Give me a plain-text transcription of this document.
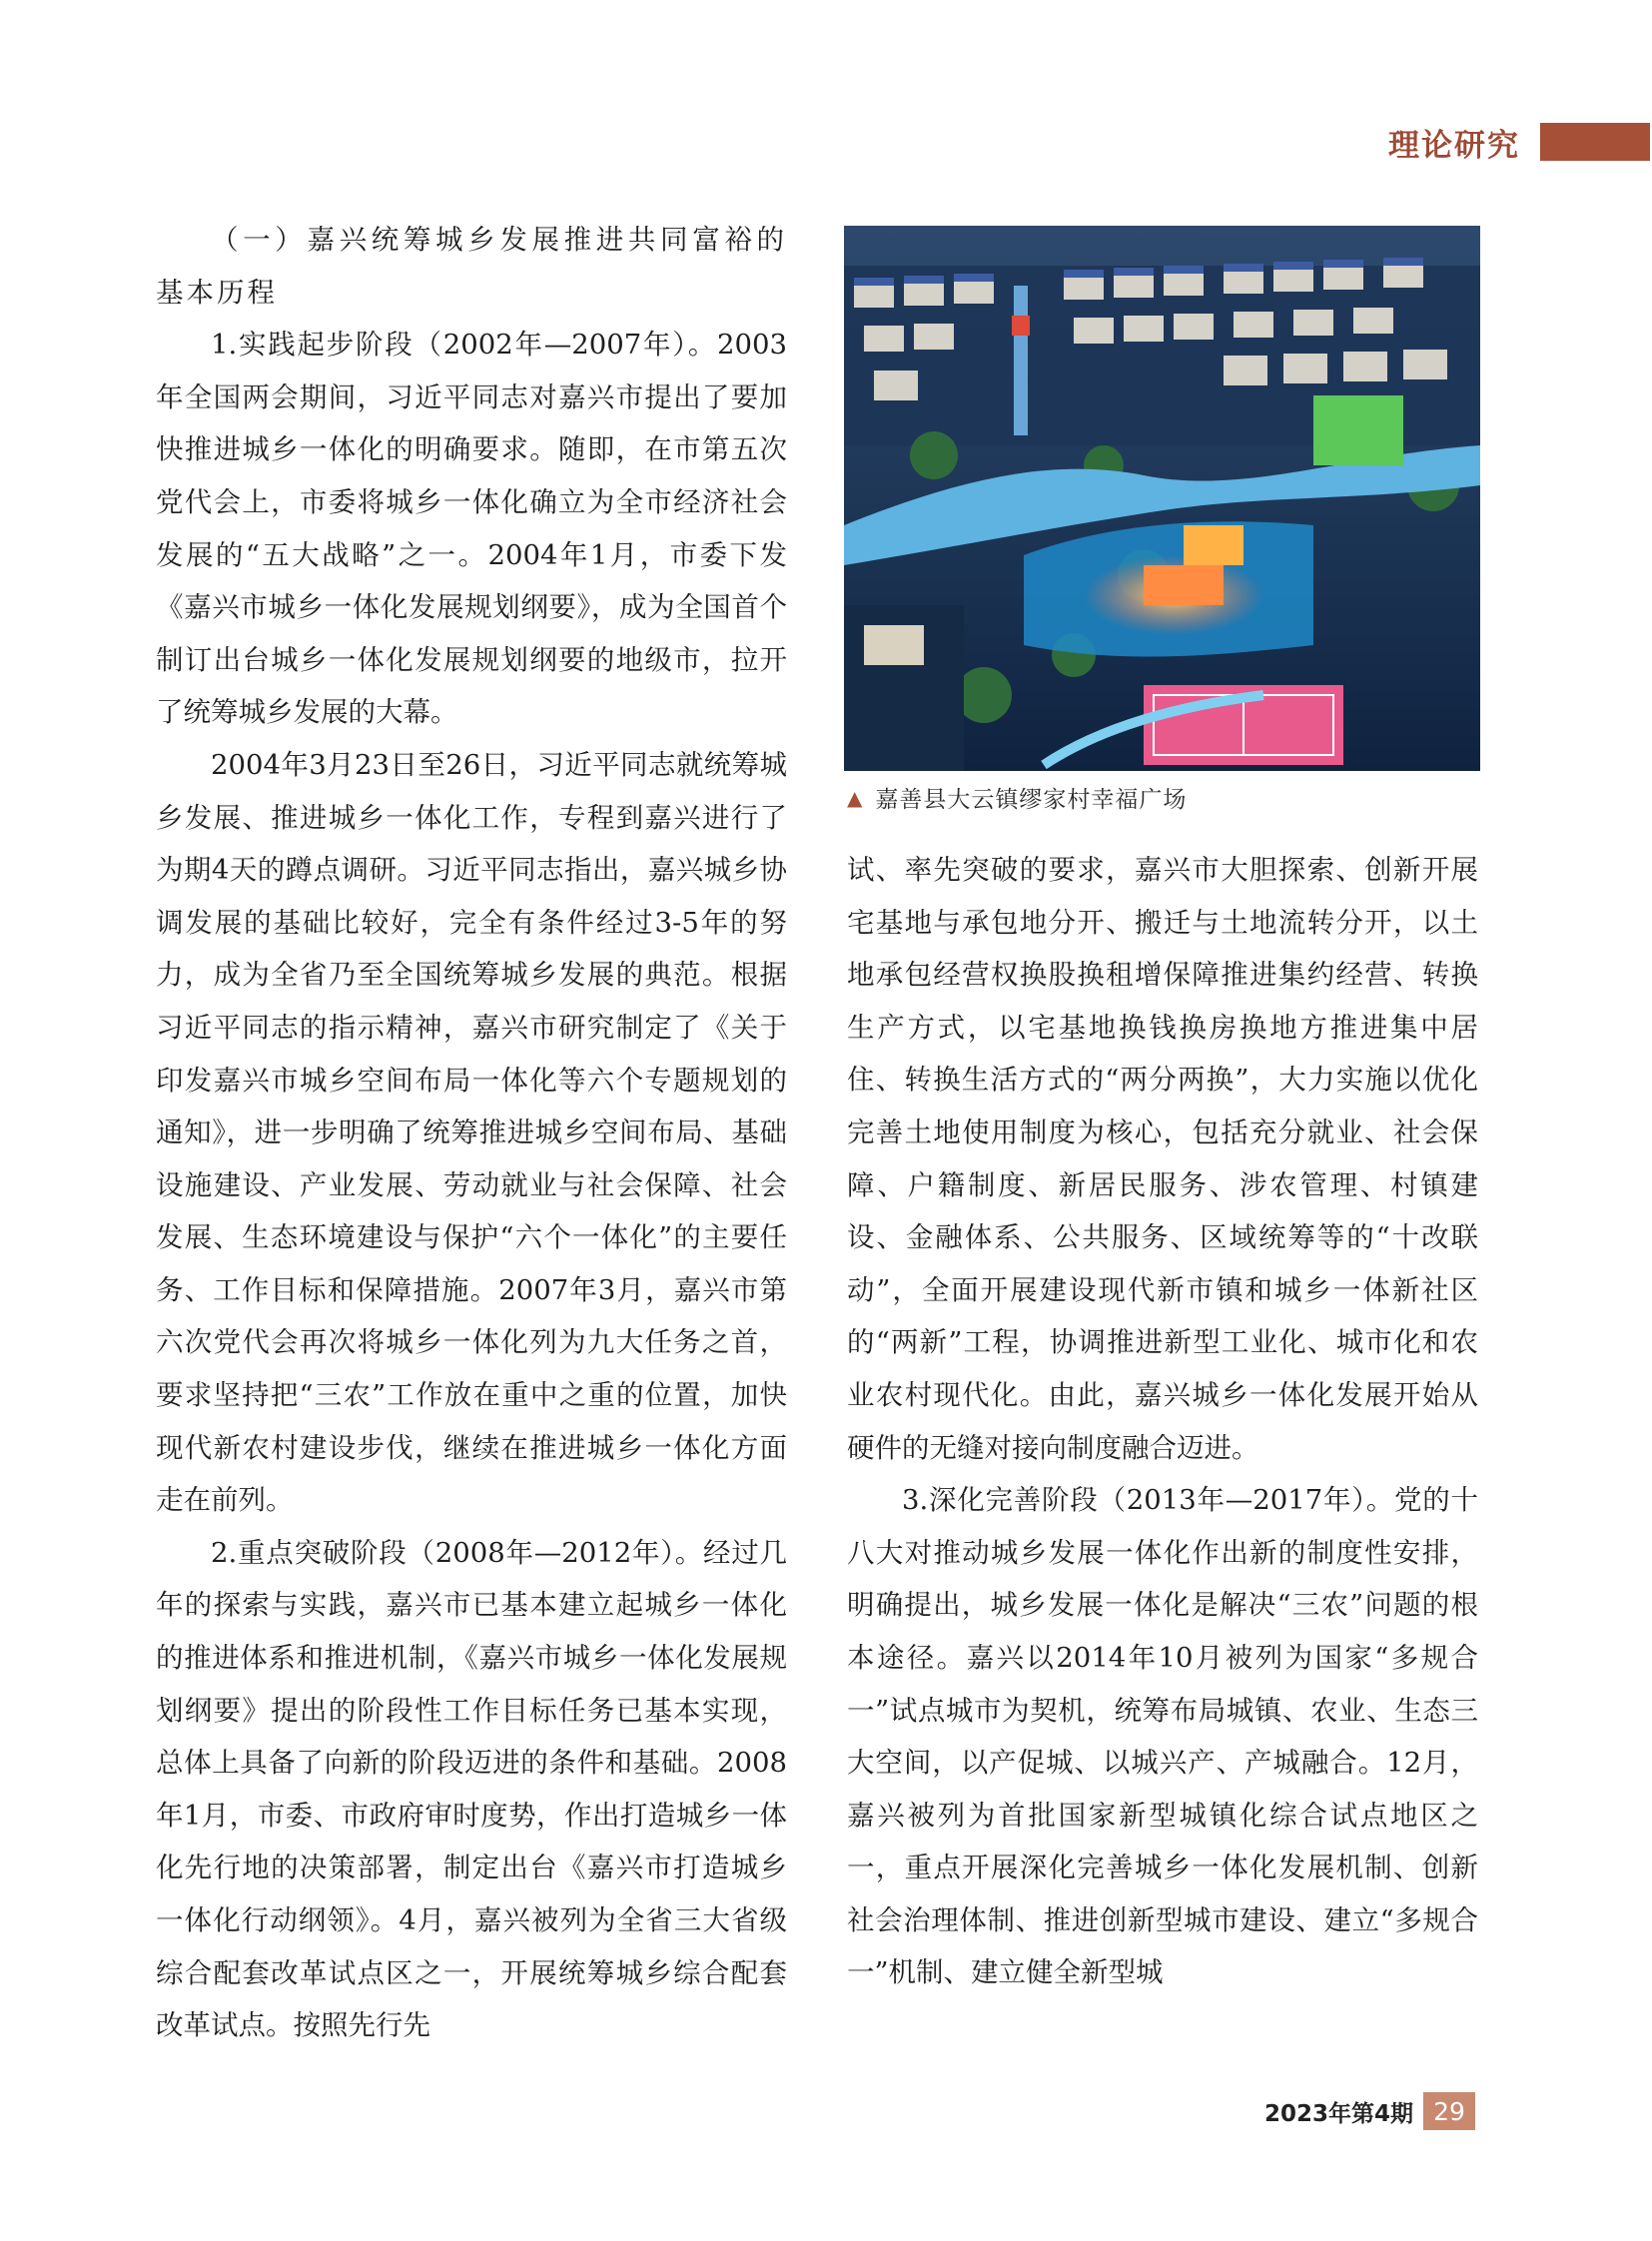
理论研究

（一）嘉兴统筹城乡发展推进共同富裕的基本历程

1.实践起步阶段（2002年—2007年）。2003年全国两会期间，习近平同志对嘉兴市提出了要加快推进城乡一体化的明确要求。随即，在市第五次党代会上，市委将城乡一体化确立为全市经济社会发展的“五大战略”之一。2004年1月，市委下发《嘉兴市城乡一体化发展规划纲要》，成为全国首个制订出台城乡一体化发展规划纲要的地级市，拉开了统筹城乡发展的大幕。

2004年3月23日至26日，习近平同志就统筹城乡发展、推进城乡一体化工作，专程到嘉兴进行了为期4天的蹲点调研。习近平同志指出，嘉兴城乡协调发展的基础比较好，完全有条件经过3-5年的努力，成为全省乃至全国统筹城乡发展的典范。根据习近平同志的指示精神，嘉兴市研究制定了《关于印发嘉兴市城乡空间布局一体化等六个专题规划的通知》，进一步明确了统筹推进城乡空间布局、基础设施建设、产业发展、劳动就业与社会保障、社会发展、生态环境建设与保护“六个一体化”的主要任务、工作目标和保障措施。2007年3月，嘉兴市第六次党代会再次将城乡一体化列为九大任务之首，要求坚持把“三农”工作放在重中之重的位置，加快现代新农村建设步伐，继续在推进城乡一体化方面走在前列。

2.重点突破阶段（2008年—2012年）。经过几年的探索与实践，嘉兴市已基本建立起城乡一体化的推进体系和推进机制，《嘉兴市城乡一体化发展规划纲要》提出的阶段性工作目标任务已基本实现，总体上具备了向新的阶段迈进的条件和基础。2008年1月，市委、市政府审时度势，作出打造城乡一体化先行地的决策部署，制定出台《嘉兴市打造城乡一体化行动纲领》。4月，嘉兴被列为全省三大省级综合配套改革试点区之一，开展统筹城乡综合配套改革试点。按照先行先

▲ 嘉善县大云镇缪家村幸福广场

试、率先突破的要求，嘉兴市大胆探索、创新开展宅基地与承包地分开、搬迁与土地流转分开，以土地承包经营权换股换租增保障推进集约经营、转换生产方式，以宅基地换钱换房换地方推进集中居住、转换生活方式的“两分两换”，大力实施以优化完善土地使用制度为核心，包括充分就业、社会保障、户籍制度、新居民服务、涉农管理、村镇建设、金融体系、公共服务、区域统筹等的“十改联动”，全面开展建设现代新市镇和城乡一体新社区的“两新”工程，协调推进新型工业化、城市化和农业农村现代化。由此，嘉兴城乡一体化发展开始从硬件的无缝对接向制度融合迈进。

3.深化完善阶段（2013年—2017年）。党的十八大对推动城乡发展一体化作出新的制度性安排，明确提出，城乡发展一体化是解决“三农”问题的根本途径。嘉兴以2014年10月被列为国家“多规合一”试点城市为契机，统筹布局城镇、农业、生态三大空间，以产促城、以城兴产、产城融合。12月，嘉兴被列为首批国家新型城镇化综合试点地区之一，重点开展深化完善城乡一体化发展机制、创新社会治理体制、推进创新型城市建设、建立“多规合一”机制、建立健全新型城

2023年第4期 29
